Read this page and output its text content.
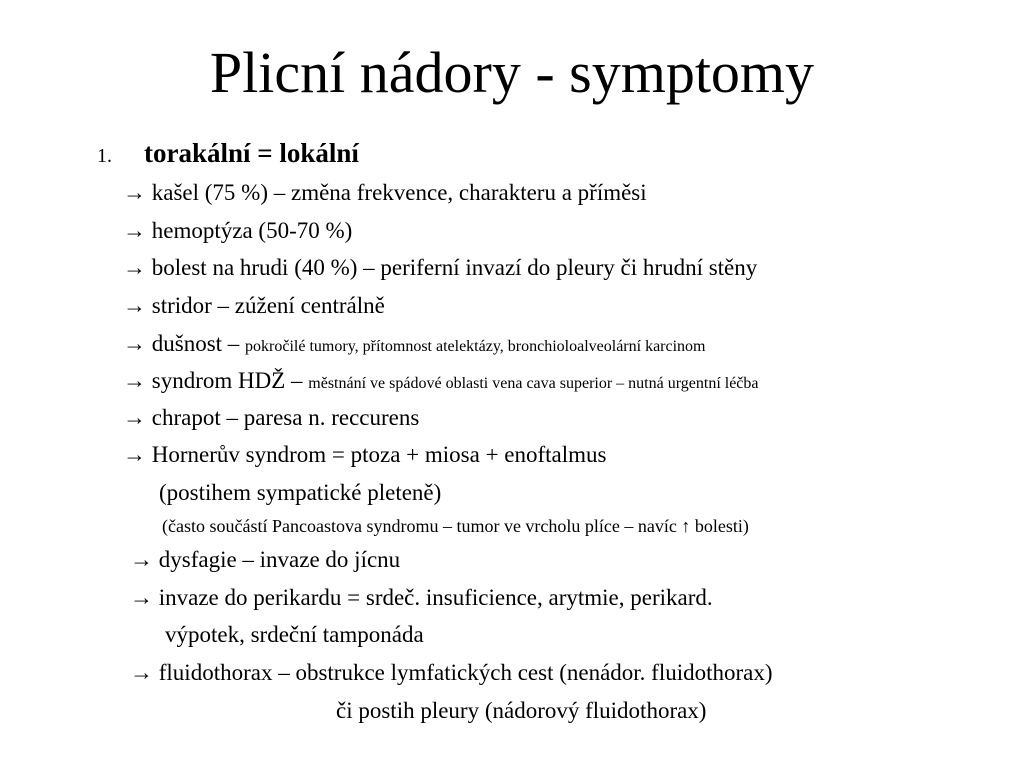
Plicní nádory - symptomy
1. torakální = lokální
→ kašel (75 %) – změna frekvence, charakteru a příměsi
→ hemoptýza (50-70 %)
→ bolest na hrudi (40 %) – periferní invazí do pleury či hrudní stěny
→ stridor – zúžení centrálně
→ dušnost – pokročilé tumory, přítomnost atelektázy, bronchioloalveolární karcinom
→ syndrom HDŽ – městnání ve spádové oblasti vena cava superior – nutná urgentní léčba
→ chrapot – paresa n. reccurens
→ Hornerův syndrom = ptoza + miosa + enoftalmus
(postihem sympatické pleteně)
(často součástí Pancoastova syndromu – tumor ve vrcholu plíce – navíc ↑ bolesti)
→ dysfagie – invaze do jícnu
→ invaze do perikardu = srdeč. insuficience, arytmie, perikard.
výpotek, srdeční tamponáda
→ fluidothorax – obstrukce lymfatických cest (nenádor. fluidothorax)
či postih pleury (nádorový fluidothorax)
